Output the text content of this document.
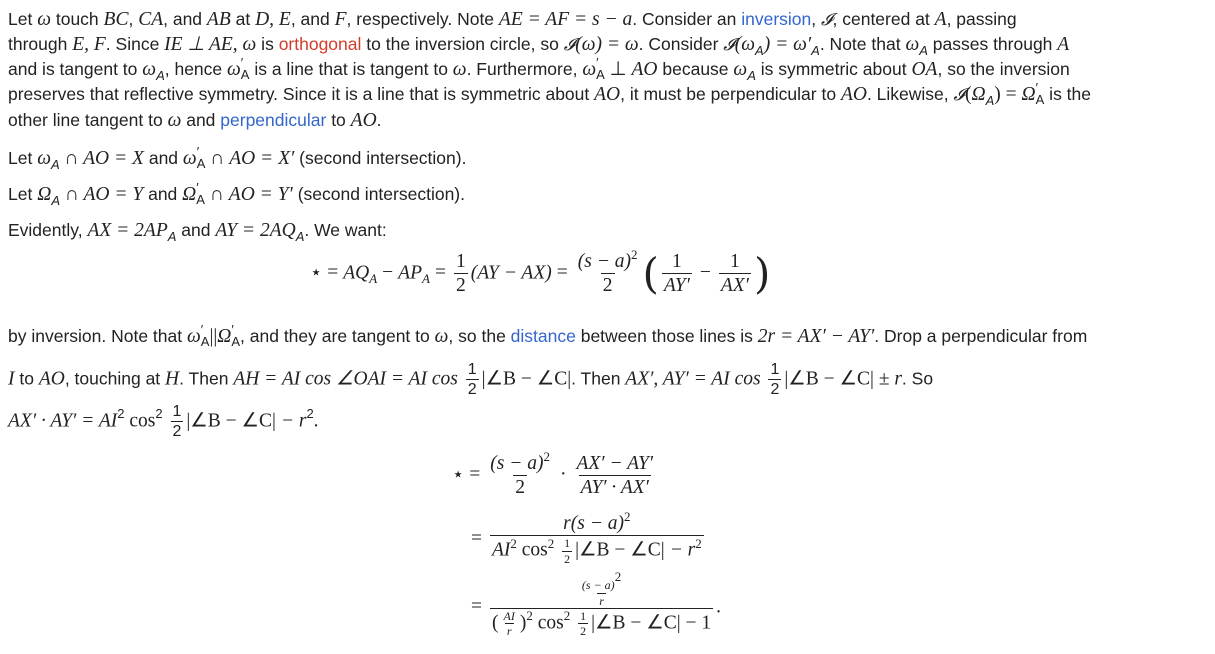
Let ω touch BC, CA, and AB at D, E, and F, respectively. Note AE = AF = s − a. Consider an inversion, 𝓘, centered at A, passing
through E, F. Since IE ⊥ AE, ω is orthogonal to the inversion circle, so 𝓘(ω) = ω. Consider $𝓘(\omega_A) = \omega'_A$. Note that $\omega_A$ passes through A
and is tangent to $\omega_A$, hence ω ′
A is a line that is tangent to ω. Furthermore, ω ′
A ⊥ AO because $\omega_A$ is symmetric about OA, so the inversion
preserves that reflective symmetry. Since it is a line that is symmetric about AO, it must be perpendicular to AO. Likewise, $𝓘(\Omega_A) = \Omega$ ′
A is the
other line tangent to ω and perpendicular to AO.
Let $\omega_A$ ∩ AO = X and ω ′
A ∩ AO = X′ (second intersection).
Let $\Omega_A$ ∩ AO = Y and Ω ′
A ∩ AO = Y′ (second intersection).
Evidently, AX = $2AP_A$ and AY = $2AQ_A$. We want:
⋆ = $AQ_A - AP_A = \frac{1}{2} (AY - AX) = \frac{(s - a)^2}{2}$ ( $\frac{1}{AY'} - \frac{1}{AX'}$ )
by inversion. Note that ω ′
A ||Ω ′
A , and they are tangent to ω, so the distance between those lines is 2r = AX′ − AY′. Drop a perpendicular from
I to AO, touching at H. Then AH = AI cos ∠OAI = AI $\cos \frac{1}{2}$ |∠B − ∠C|. Then AX′, AY′ = AI $\cos \frac{1}{2}$ |∠B − ∠C| ± r. So
$AX' \cdot AY' = AI^2$ $\cos^2 \frac{1}{2}$ |∠B − ∠C| − $r^2$.
⋆ = $\frac{(s - a)^2}{2} \cdot \frac{AX' - AY'}{AY' \cdot AX'}$
= $\frac{r(s - a)^2}{AI^2 \cos^2 \frac{1}{2} |\angle B - \angle C| - r^2}$
= $\frac{\frac{(s - a)2}{r}}{( \frac{AI}{r} )^2 \cos^2 \frac{1}{2} |\angle B - \angle C| - 1}$ .
